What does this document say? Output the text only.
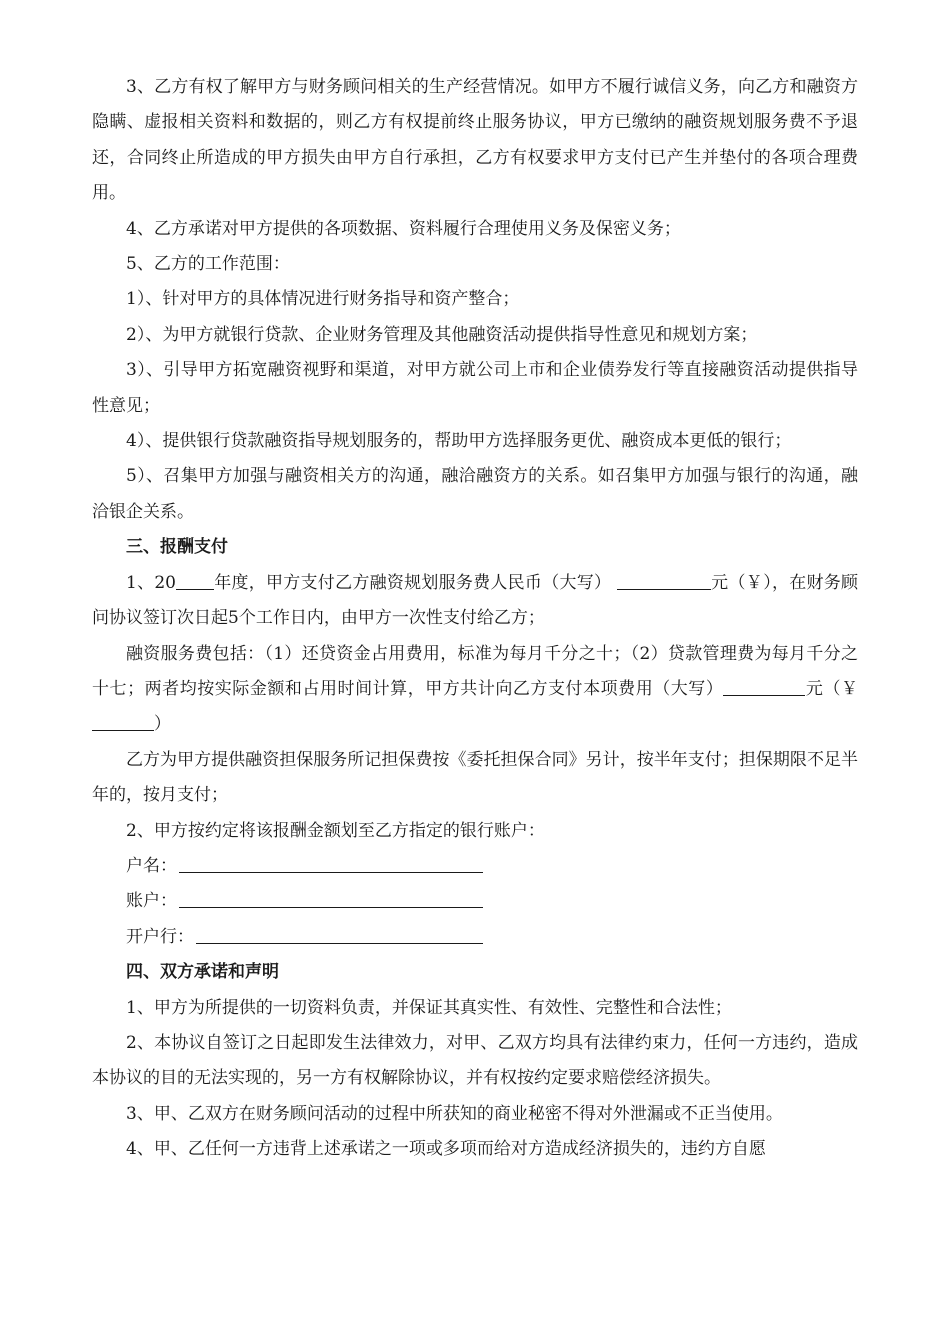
3、乙方有权了解甲方与财务顾问相关的生产经营情况。如甲方不履行诚信义务，向乙方和融资方隐瞒、虚报相关资料和数据的，则乙方有权提前终止服务协议，甲方已缴纳的融资规划服务费不予退还，合同终止所造成的甲方损失由甲方自行承担，乙方有权要求甲方支付已产生并垫付的各项合理费用。

4、乙方承诺对甲方提供的各项数据、资料履行合理使用义务及保密义务；

5、乙方的工作范围：

1）、针对甲方的具体情况进行财务指导和资产整合；

2）、为甲方就银行贷款、企业财务管理及其他融资活动提供指导性意见和规划方案；

3）、引导甲方拓宽融资视野和渠道，对甲方就公司上市和企业债券发行等直接融资活动提供指导性意见；

4）、提供银行贷款融资指导规划服务的，帮助甲方选择服务更优、融资成本更低的银行；

5）、召集甲方加强与融资相关方的沟通，融洽融资方的关系。如召集甲方加强与银行的沟通，融洽银企关系。

三、报酬支付

1、20 年度，甲方支付乙方融资规划服务费人民币（大写）	元（￥），在财务顾问协议签订次日起5个工作日内，由甲方一次性支付给乙方；

融资服务费包括：（1）还贷资金占用费用，标准为每月千分之十；（2）贷款管理费为每月千分之十七；两者均按实际金额和占用时间计算，甲方共计向乙方支付本项费用（大写）	元（￥）

乙方为甲方提供融资担保服务所记担保费按《委托担保合同》另计，按半年支付；担保期限不足半年的，按月支付；

2、甲方按约定将该报酬金额划至乙方指定的银行账户：

户名：

账户：

开户行：

四、双方承诺和声明

1、甲方为所提供的一切资料负责，并保证其真实性、有效性、完整性和合法性；

2、本协议自签订之日起即发生法律效力，对甲、乙双方均具有法律约束力，任何一方违约，造成本协议的目的无法实现的，另一方有权解除协议，并有权按约定要求赔偿经济损失。

3、甲、乙双方在财务顾问活动的过程中所获知的商业秘密不得对外泄漏或不正当使用。

4、甲、乙任何一方违背上述承诺之一项或多项而给对方造成经济损失的，违约方自愿
